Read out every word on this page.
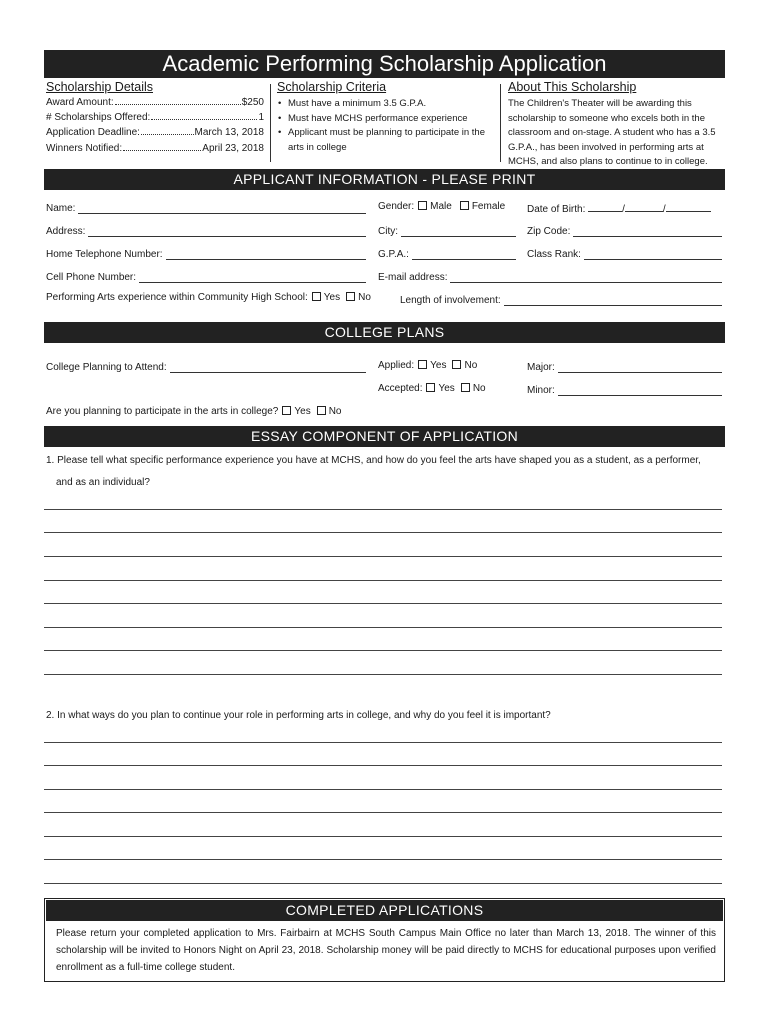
Academic Performing Scholarship Application
Scholarship Details
Award Amount:	$250
# Scholarships Offered:	1
Application Deadline:	March 13, 2018
Winners Notified:	April 23, 2018
Scholarship Criteria
• Must have a minimum 3.5 G.P.A.
• Must have MCHS performance experience
• Applicant must be planning to participate in the arts in college
About This Scholarship

The Children's Theater will be awarding this scholarship to someone who excels both in the classroom and on-stage. A student who has a 3.5 G.P.A., has been involved in performing arts at MCHS, and also plans to continue to in college.

APPLICANT INFORMATION - PLEASE PRINT
Name:	Gender: Male Female Date of Birth:	/	/
Address:	City:	Zip Code:
Home Telephone Number:	G.P.A.:	Class Rank:
Cell Phone Number:	E-mail address:
Performing Arts experience within Community High School: Yes No	Length of involvement:
COLLEGE PLANS
College Planning to Attend:	Applied: Yes No	Major:
Accepted: Yes No	Minor:
Are you planning to participate in the arts in college? Yes No
ESSAY COMPONENT OF APPLICATION
1. Please tell what specific performance experience you have at MCHS, and how do you feel the arts have shaped you as a student, as a performer,
and as an individual?
2. In what ways do you plan to continue your role in performing arts in college, and why do you feel it is important?
COMPLETED APPLICATIONS
Please return your completed application to Mrs. Fairbairn at MCHS South Campus Main Office no later than March 13, 2018. The winner of this scholarship will be invited to Honors Night on April 23, 2018. Scholarship money will be paid directly to MCHS for educational purposes upon verified enrollment as a full-time college student.
